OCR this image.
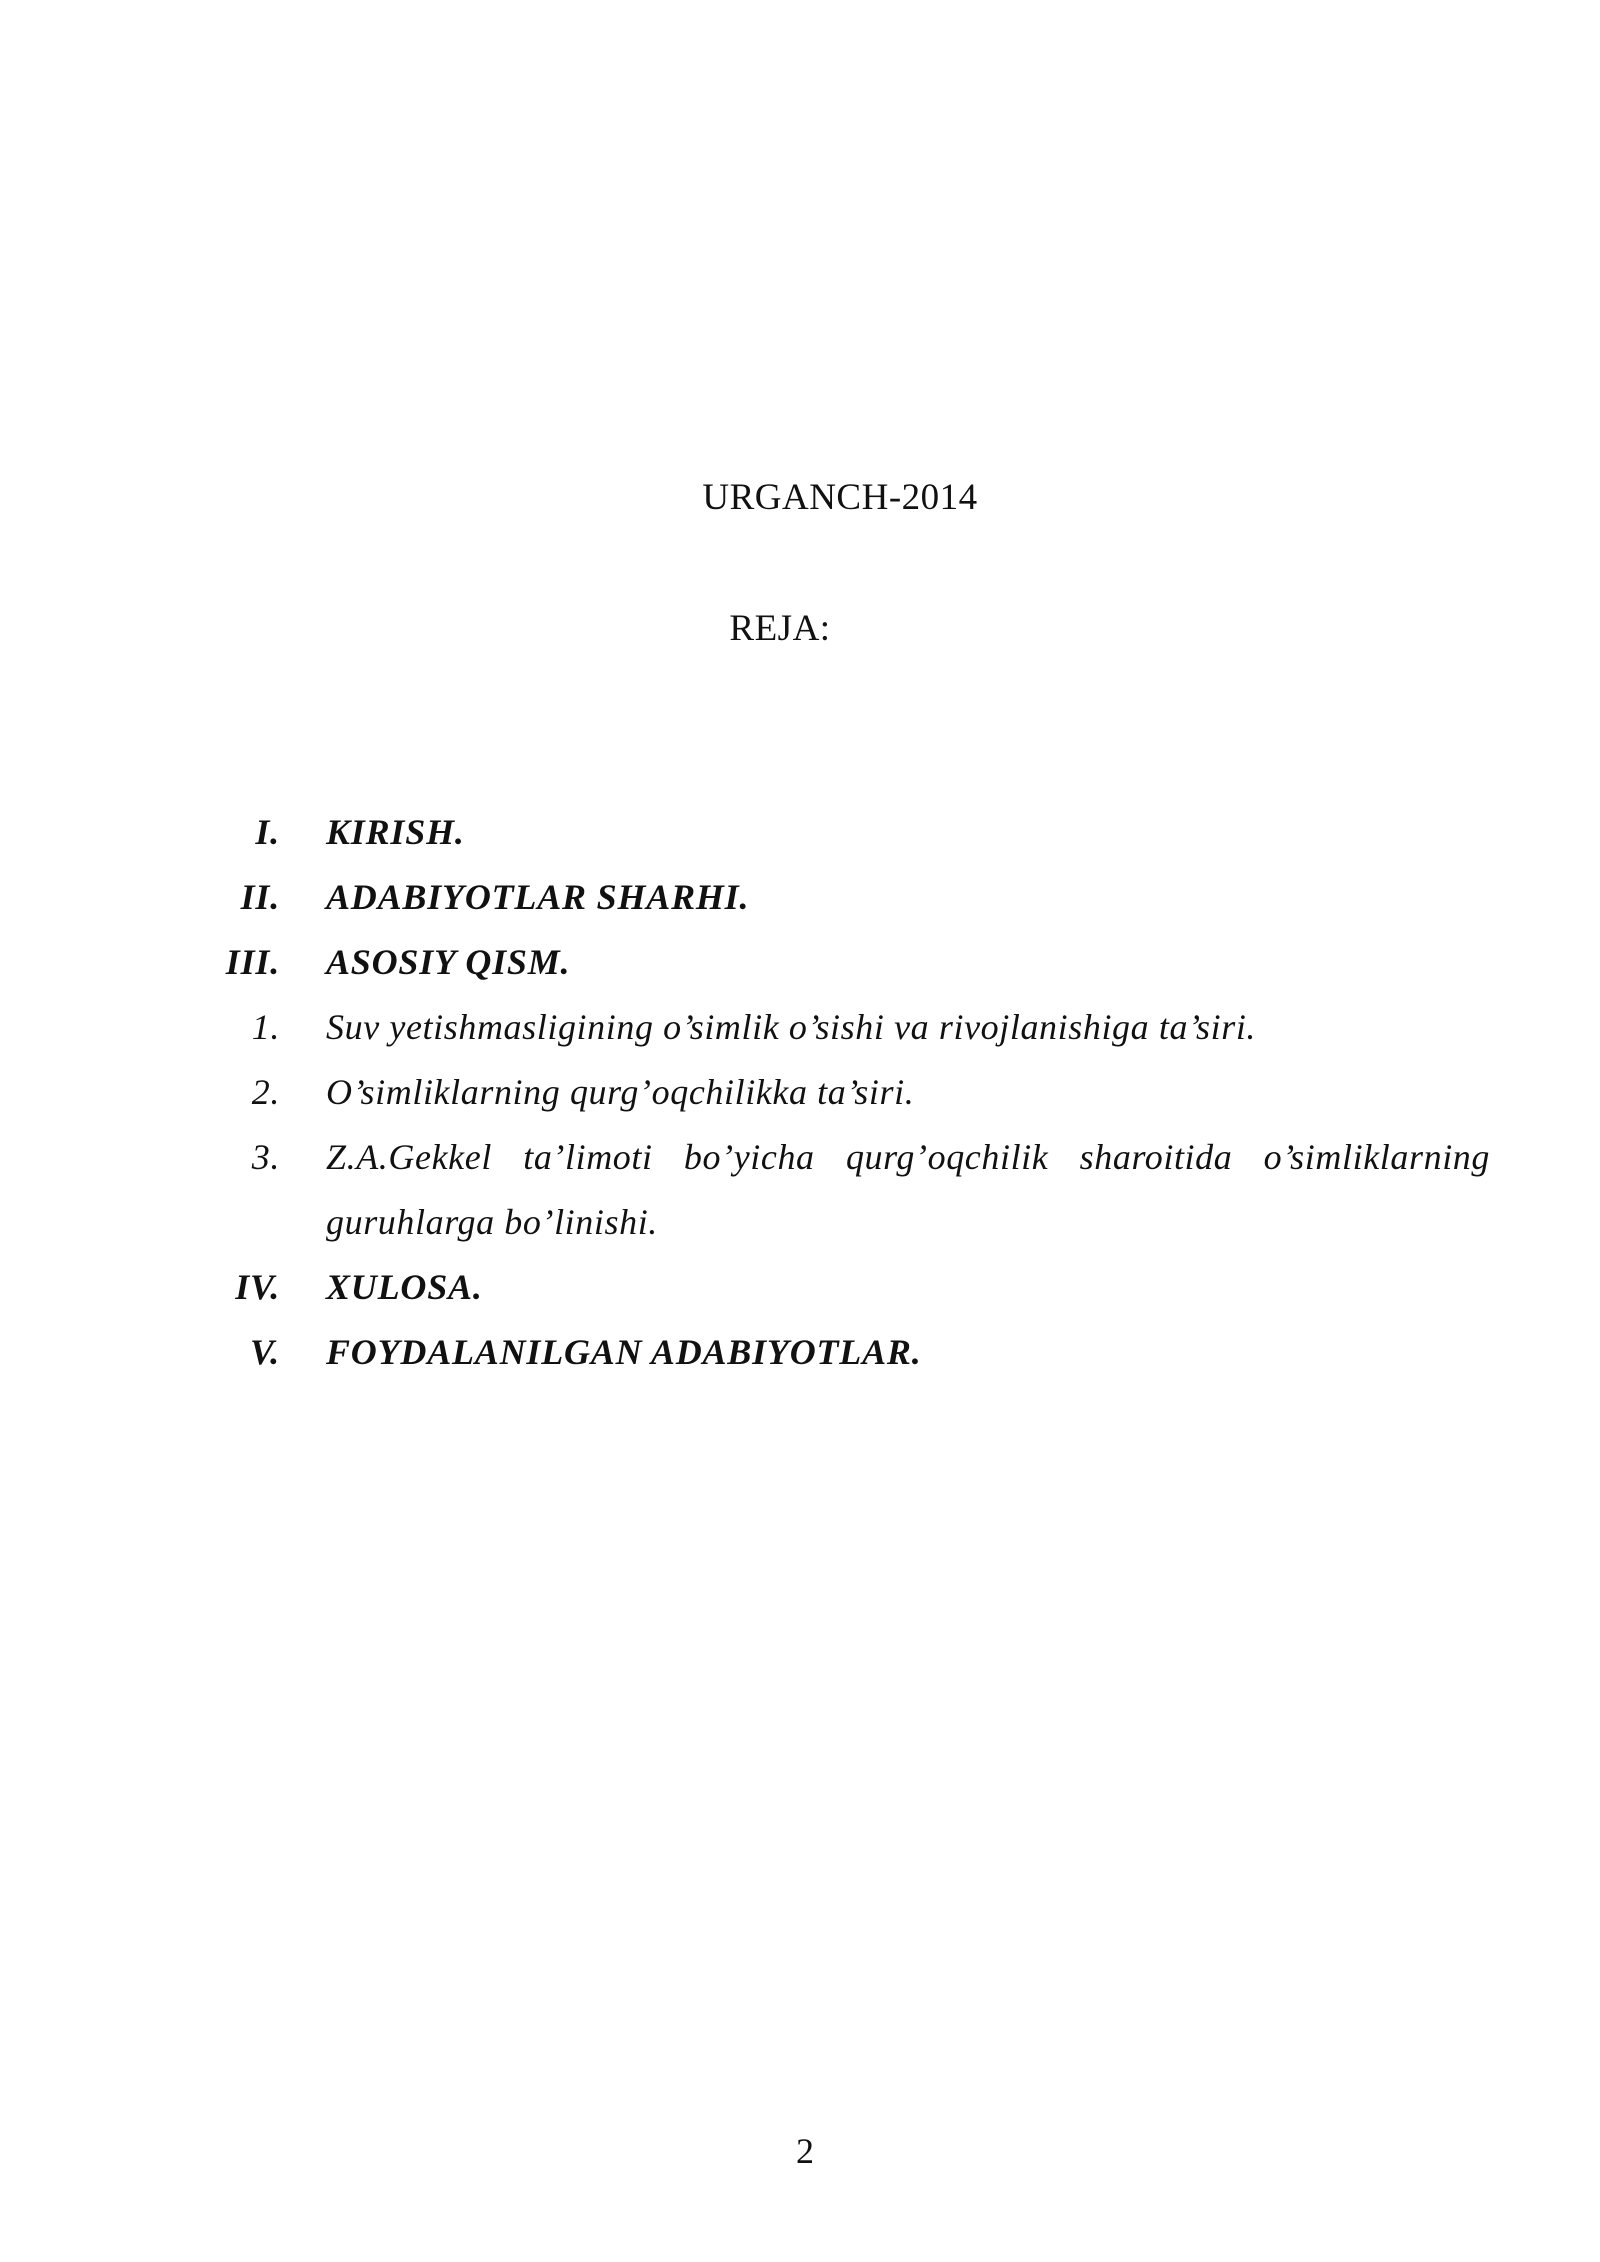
URGANCH-2014
REJA:
I. KIRISH.
II. ADABIYOTLAR SHARHI.
III. ASOSIY QISM.
1. Suv yetishmasligining o’simlik o’sishi va rivojlanishiga ta’siri.
2. O’simliklarning qurg’oqchilikka ta’siri.
3. Z.A.Gekkel ta’limoti bo’yicha qurg’oqchilik sharoitida o’simliklarning guruhlarga bo’linishi.
IV. XULOSA.
V. FOYDALANILGAN ADABIYOTLAR.
2
